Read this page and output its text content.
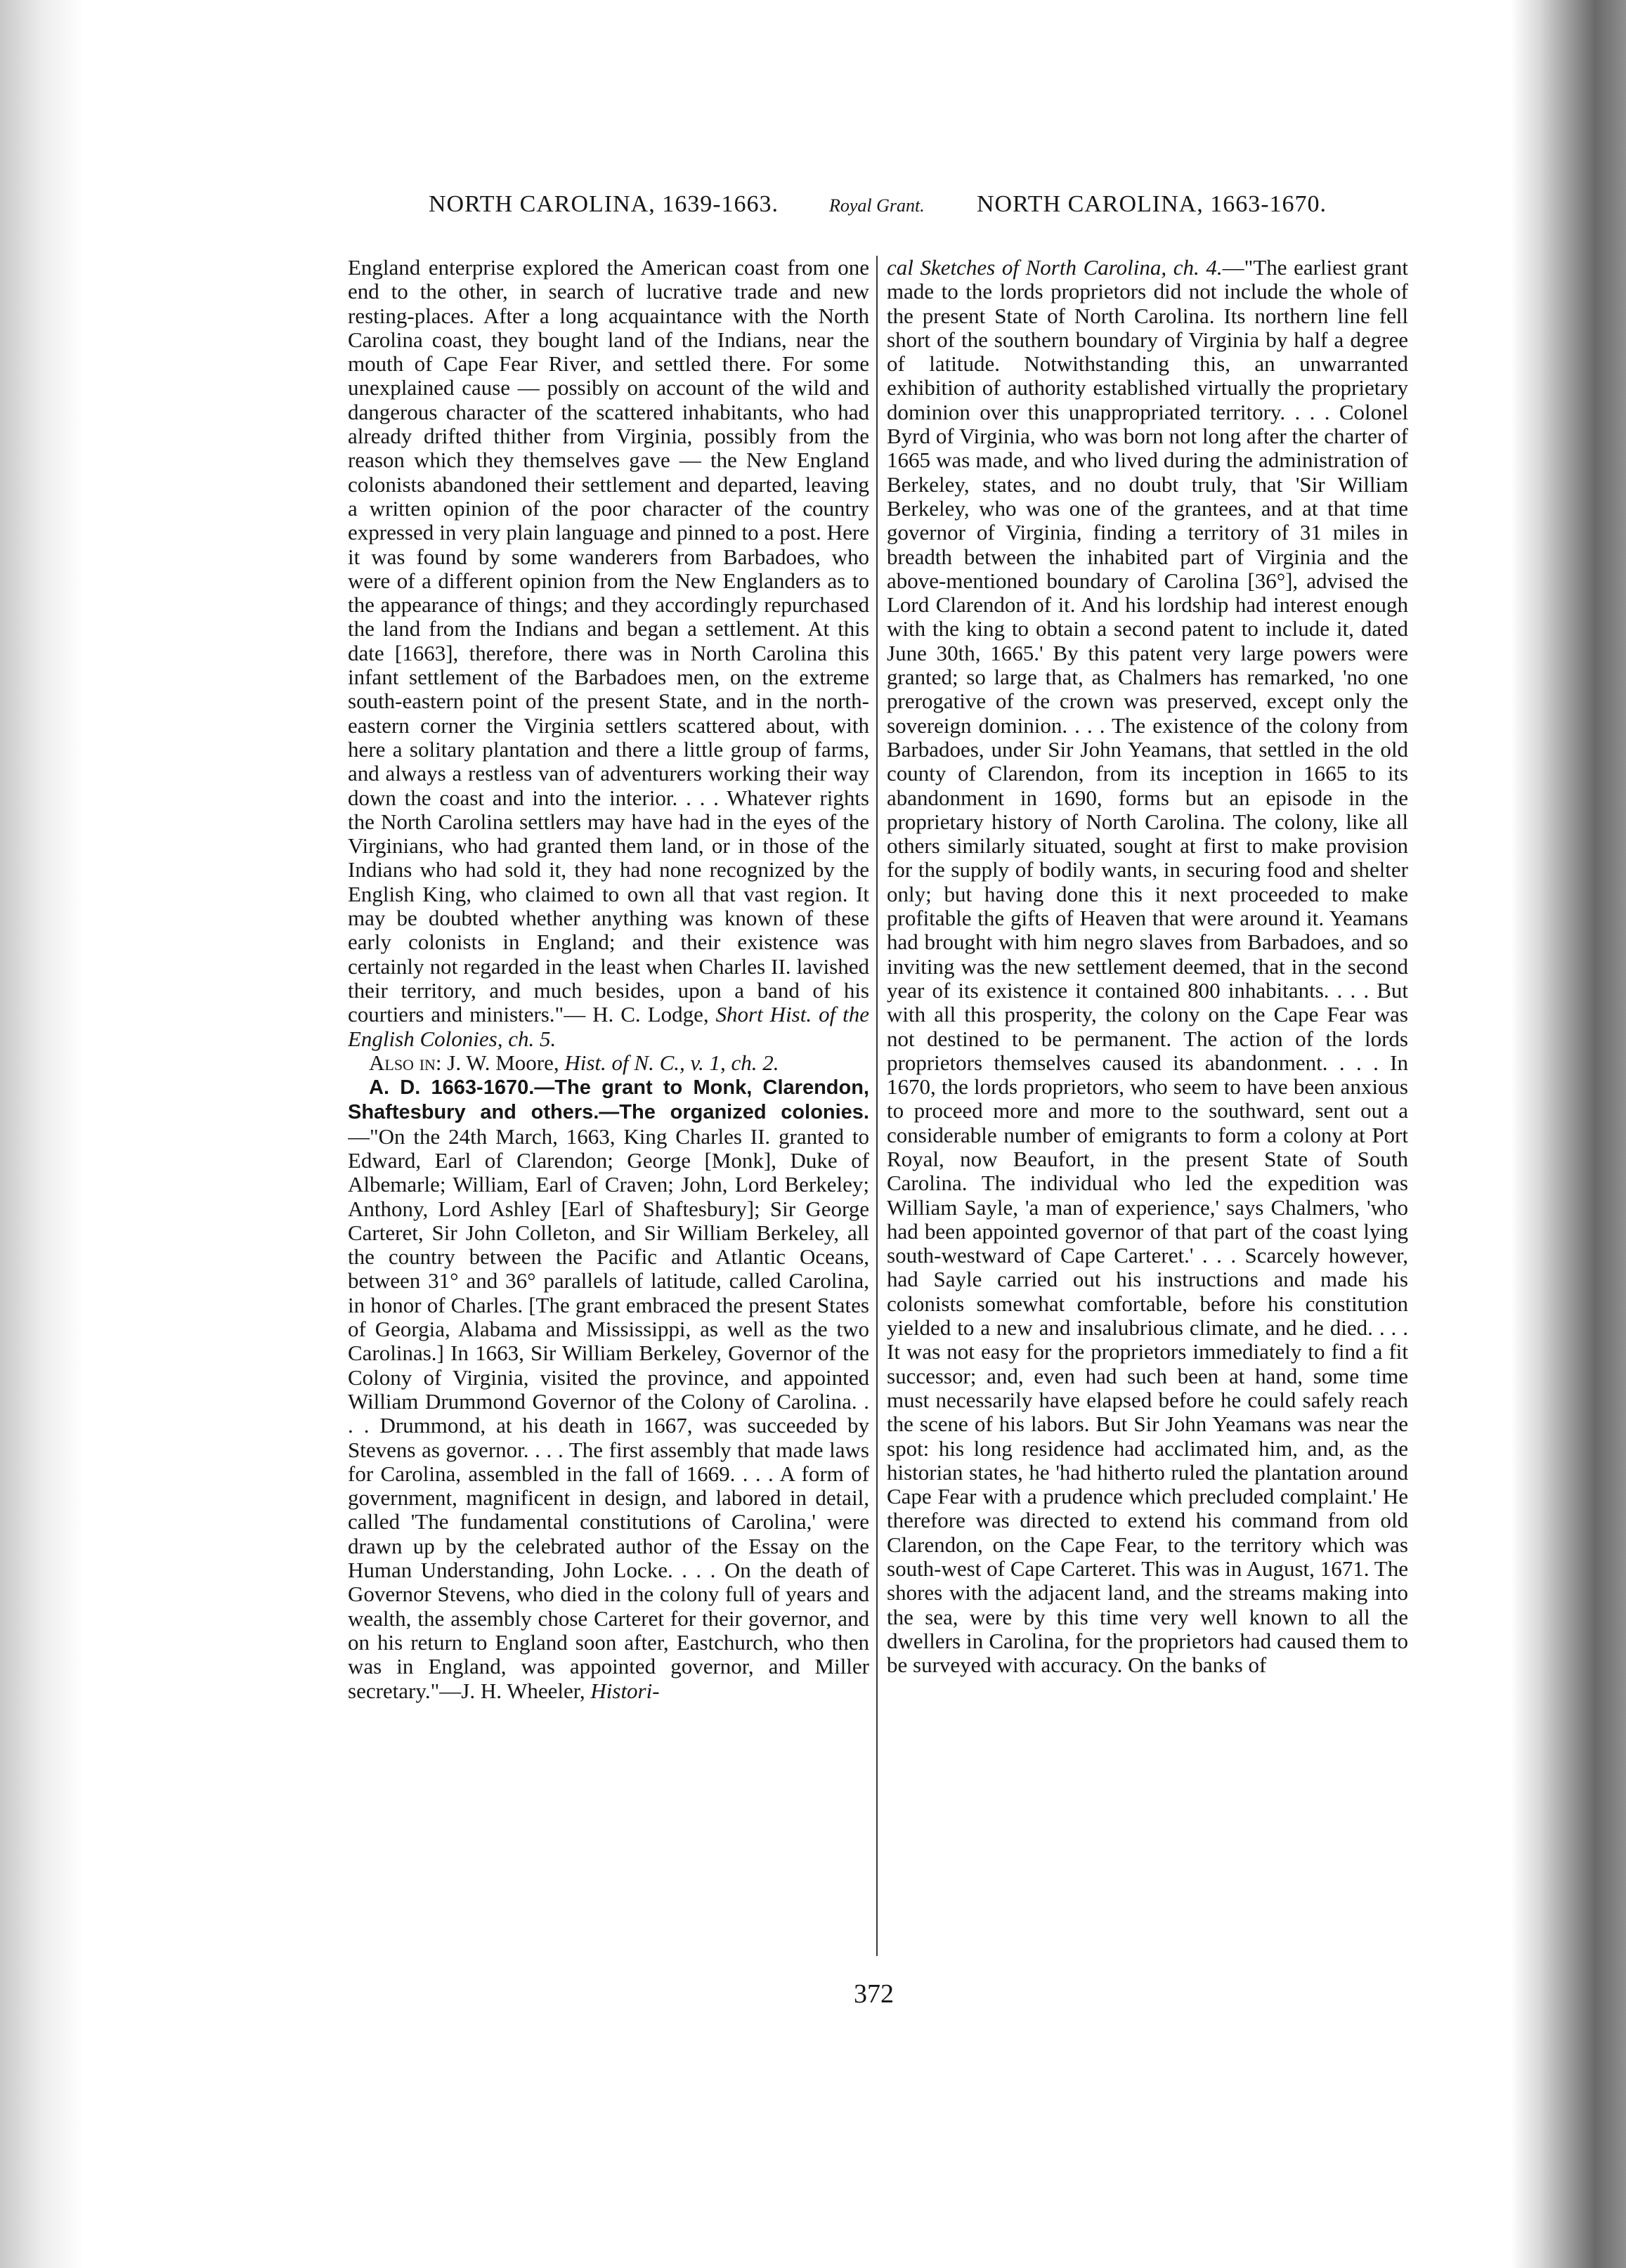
NORTH CAROLINA, 1639-1663.	Royal Grant. NORTH CAROLINA, 1663-1670.

England enterprise explored the American coast from one end to the other, in search of lucrative trade and new resting-places. After a long acquaintance with the North Carolina coast, they bought land of the Indians, near the mouth of Cape Fear River, and settled there. For some unexplained cause — possibly on account of the wild and dangerous character of the scattered inhabitants, who had already drifted thither from Virginia, possibly from the reason which they themselves gave — the New England colonists abandoned their settlement and departed, leaving a written opinion of the poor character of the country expressed in very plain language and pinned to a post. Here it was found by some wanderers from Barbadoes, who were of a different opinion from the New Englanders as to the appearance of things; and they accordingly repurchased the land from the Indians and began a settlement. At this date [1663], therefore, there was in North Carolina this infant settlement of the Barbadoes men, on the extreme south-eastern point of the present State, and in the north-eastern corner the Virginia settlers scattered about, with here a solitary plantation and there a little group of farms, and always a restless van of adventurers working their way down the coast and into the interior. . . . Whatever rights the North Carolina settlers may have had in the eyes of the Virginians, who had granted them land, or in those of the Indians who had sold it, they had none recognized by the English King, who claimed to own all that vast region. It may be doubted whether anything was known of these early colonists in England; and their existence was certainly not regarded in the least when Charles II. lavished their territory, and much besides, upon a band of his courtiers and ministers."— H. C. Lodge, Short Hist. of the English Colonies, ch. 5.

Also in: J. W. Moore, Hist. of N. C., v. 1, ch. 2.

A. D. 1663-1670.—The grant to Monk, Clarendon, Shaftesbury and others.—The organized colonies.—"On the 24th March, 1663, King Charles II. granted to Edward, Earl of Clarendon; George [Monk], Duke of Albemarle; William, Earl of Craven; John, Lord Berkeley; Anthony, Lord Ashley [Earl of Shaftesbury]; Sir George Carteret, Sir John Colleton, and Sir William Berkeley, all the country between the Pacific and Atlantic Oceans, between 31° and 36° parallels of latitude, called Carolina, in honor of Charles. [The grant embraced the present States of Georgia, Alabama and Mississippi, as well as the two Carolinas.] In 1663, Sir William Berkeley, Governor of the Colony of Virginia, visited the province, and appointed William Drummond Governor of the Colony of Carolina. . . . Drummond, at his death in 1667, was succeeded by Stevens as governor. . . . The first assembly that made laws for Carolina, assembled in the fall of 1669. . . . A form of government, magnificent in design, and labored in detail, called 'The fundamental constitutions of Carolina,' were drawn up by the celebrated author of the Essay on the Human Understanding, John Locke. . . . On the death of Governor Stevens, who died in the colony full of years and wealth, the assembly chose Carteret for their governor, and on his return to England soon after, Eastchurch, who then was in England, was appointed governor, and Miller secretary."—J. H. Wheeler, Histori-

cal Sketches of North Carolina, ch. 4.—"The earliest grant made to the lords proprietors did not include the whole of the present State of North Carolina. Its northern line fell short of the southern boundary of Virginia by half a degree of latitude. Notwithstanding this, an unwarranted exhibition of authority established virtually the proprietary dominion over this unappropriated territory. . . . Colonel Byrd of Virginia, who was born not long after the charter of 1665 was made, and who lived during the administration of Berkeley, states, and no doubt truly, that 'Sir William Berkeley, who was one of the grantees, and at that time governor of Virginia, finding a territory of 31 miles in breadth between the inhabited part of Virginia and the above-mentioned boundary of Carolina [36°], advised the Lord Clarendon of it. And his lordship had interest enough with the king to obtain a second patent to include it, dated June 30th, 1665.' By this patent very large powers were granted; so large that, as Chalmers has remarked, 'no one prerogative of the crown was preserved, except only the sovereign dominion. . . . The existence of the colony from Barbadoes, under Sir John Yeamans, that settled in the old county of Clarendon, from its inception in 1665 to its abandonment in 1690, forms but an episode in the proprietary history of North Carolina. The colony, like all others similarly situated, sought at first to make provision for the supply of bodily wants, in securing food and shelter only; but having done this it next proceeded to make profitable the gifts of Heaven that were around it. Yeamans had brought with him negro slaves from Barbadoes, and so inviting was the new settlement deemed, that in the second year of its existence it contained 800 inhabitants. . . . But with all this prosperity, the colony on the Cape Fear was not destined to be permanent. The action of the lords proprietors themselves caused its abandonment. . . . In 1670, the lords proprietors, who seem to have been anxious to proceed more and more to the southward, sent out a considerable number of emigrants to form a colony at Port Royal, now Beaufort, in the present State of South Carolina. The individual who led the expedition was William Sayle, 'a man of experience,' says Chalmers, 'who had been appointed governor of that part of the coast lying south-westward of Cape Carteret.' . . . Scarcely however, had Sayle carried out his instructions and made his colonists somewhat comfortable, before his constitution yielded to a new and insalubrious climate, and he died. . . . It was not easy for the proprietors immediately to find a fit successor; and, even had such been at hand, some time must necessarily have elapsed before he could safely reach the scene of his labors. But Sir John Yeamans was near the spot: his long residence had acclimated him, and, as the historian states, he 'had hitherto ruled the plantation around Cape Fear with a prudence which precluded complaint.' He therefore was directed to extend his command from old Clarendon, on the Cape Fear, to the territory which was south-west of Cape Carteret. This was in August, 1671. The shores with the adjacent land, and the streams making into the sea, were by this time very well known to all the dwellers in Carolina, for the proprietors had caused them to be surveyed with accuracy. On the banks of

372
